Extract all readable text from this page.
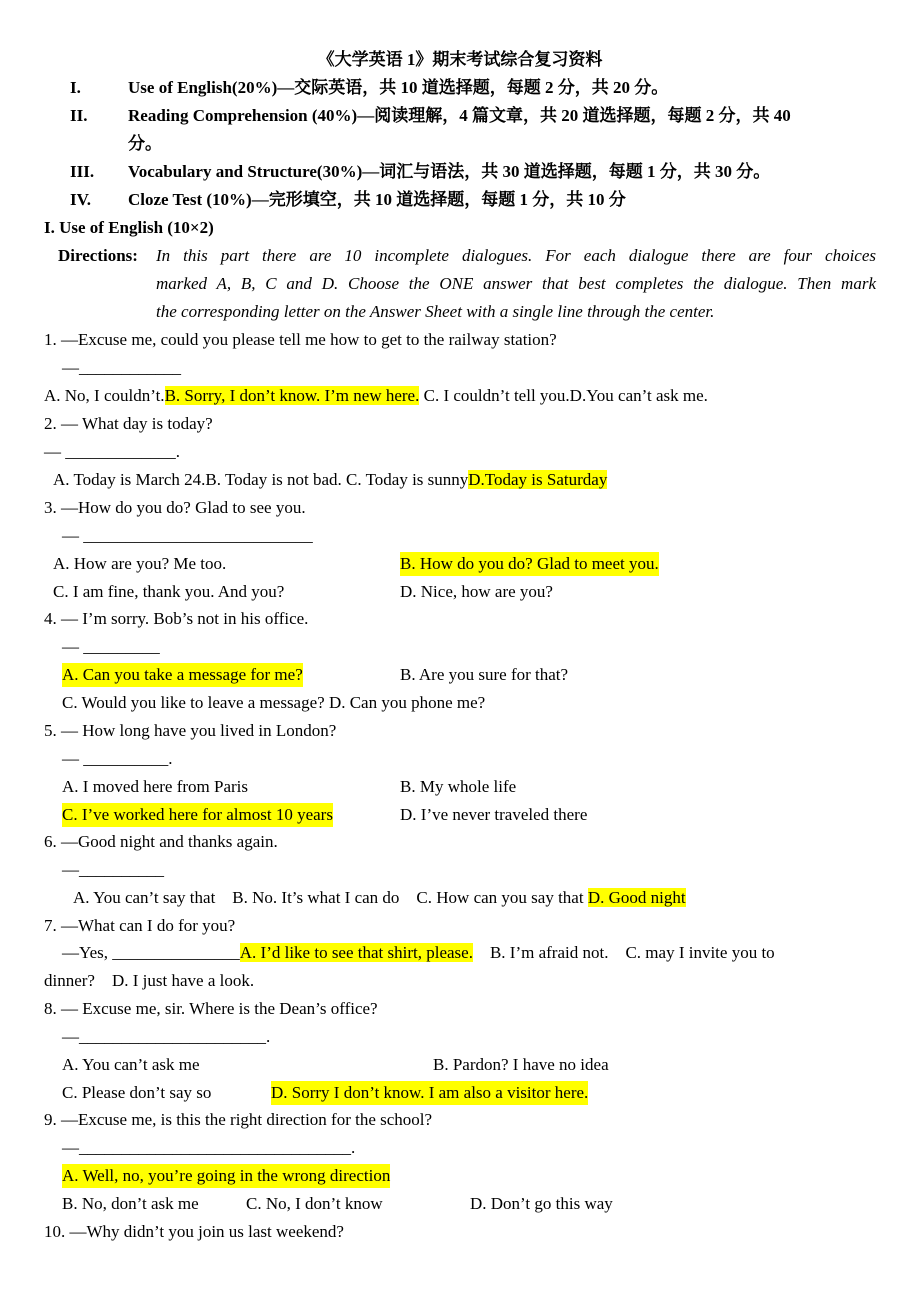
《大学英语 1》期末考试综合复习资料
I.	Use of English(20%)—交际英语，共 10 道选择题，每题 2 分，共 20 分。
II. Reading Comprehension (40%)—阅读理解，4 篇文章，共 20 道选择题，每题 2 分，共 40
分。
III. Vocabulary and Structure(30%)—词汇与语法，共 30 道选择题，每题 1 分，共 30 分。
IV. Cloze Test (10%)—完形填空，共 10 道选择题，每题 1 分，共 10 分
I. Use of English (10×2)
Directions: In this part there are 10 incomplete dialogues. For each dialogue there are four choices
marked A, B, C and D. Choose the ONE answer that best completes the dialogue. Then mark
the corresponding letter on the Answer Sheet with a single line through the center.
1. —Excuse me, could you please tell me how to get to the railway station?
—____________
A. No, I couldn’t.B. Sorry, I don’t know. I’m new here. C. I couldn’t tell you.D.You can’t ask me.
2. — What day is today?
— _____________.
A. Today is March 24.B. Today is not bad. C. Today is sunnyD.Today is Saturday
3. —How do you do? Glad to see you.
— ___________________________
A. How are you? Me too.	B. How do you do? Glad to meet you.
C. I am fine, thank you. And you?	D. Nice, how are you?
4. — I’m sorry. Bob’s not in his office.
— _________
A. Can you take a message for me?	B. Are you sure for that?
C. Would you like to leave a message? D. Can you phone me?
5. — How long have you lived in London?
— __________.
A. I moved here from Paris	B. My whole life
C. I’ve worked here for almost 10 years	D. I’ve never traveled there
6. —Good night and thanks again.
—__________
A. You can’t say that    B. No. It’s what I can do    C. How can you say that D. Good night
7. —What can I do for you?
—Yes, _______________A. I’d like to see that shirt, please. B. I’m afraid not.    C. may I invite you to
dinner?    D. I just have a look.
8. — Excuse me, sir. Where is the Dean’s office?
—______________________.
A. You can’t ask me	B. Pardon? I have no idea
C. Please don’t say so	D. Sorry I don’t know. I am also a visitor here.
9. —Excuse me, is this the right direction for the school?
—________________________________.
A. Well, no, you’re going in the wrong direction
B. No, don’t ask me	C. No, I don’t know	D. Don’t go this way
10. —Why didn’t you join us last weekend?
